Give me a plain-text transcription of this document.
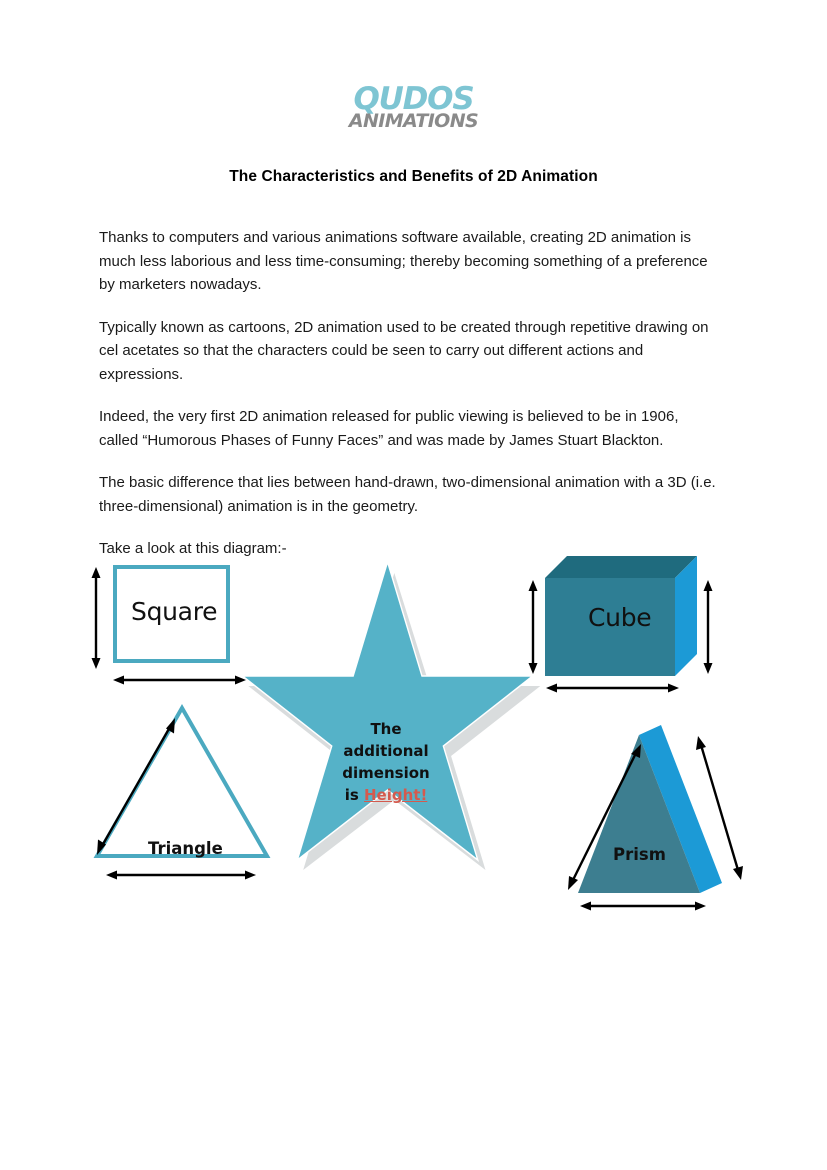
QUDOS
ANIMATIONS
The Characteristics and Benefits of 2D Animation

Thanks to computers and various animations software available, creating 2D animation is much less laborious and less time-consuming; thereby becoming something of a preference by marketers nowadays.

Typically known as cartoons, 2D animation used to be created through repetitive drawing on cel acetates so that the characters could be seen to carry out different actions and expressions.

Indeed, the very first 2D animation released for public viewing is believed to be in 1906, called “Humorous Phases of Funny Faces” and was made by James Stuart Blackton.

The basic difference that lies between hand-drawn, two-dimensional animation with a 3D (i.e. three-dimensional) animation is in the geometry.

Take a look at this diagram:-

Square
Triangle
The
additional
dimension
is Height!
Cube
Prism
